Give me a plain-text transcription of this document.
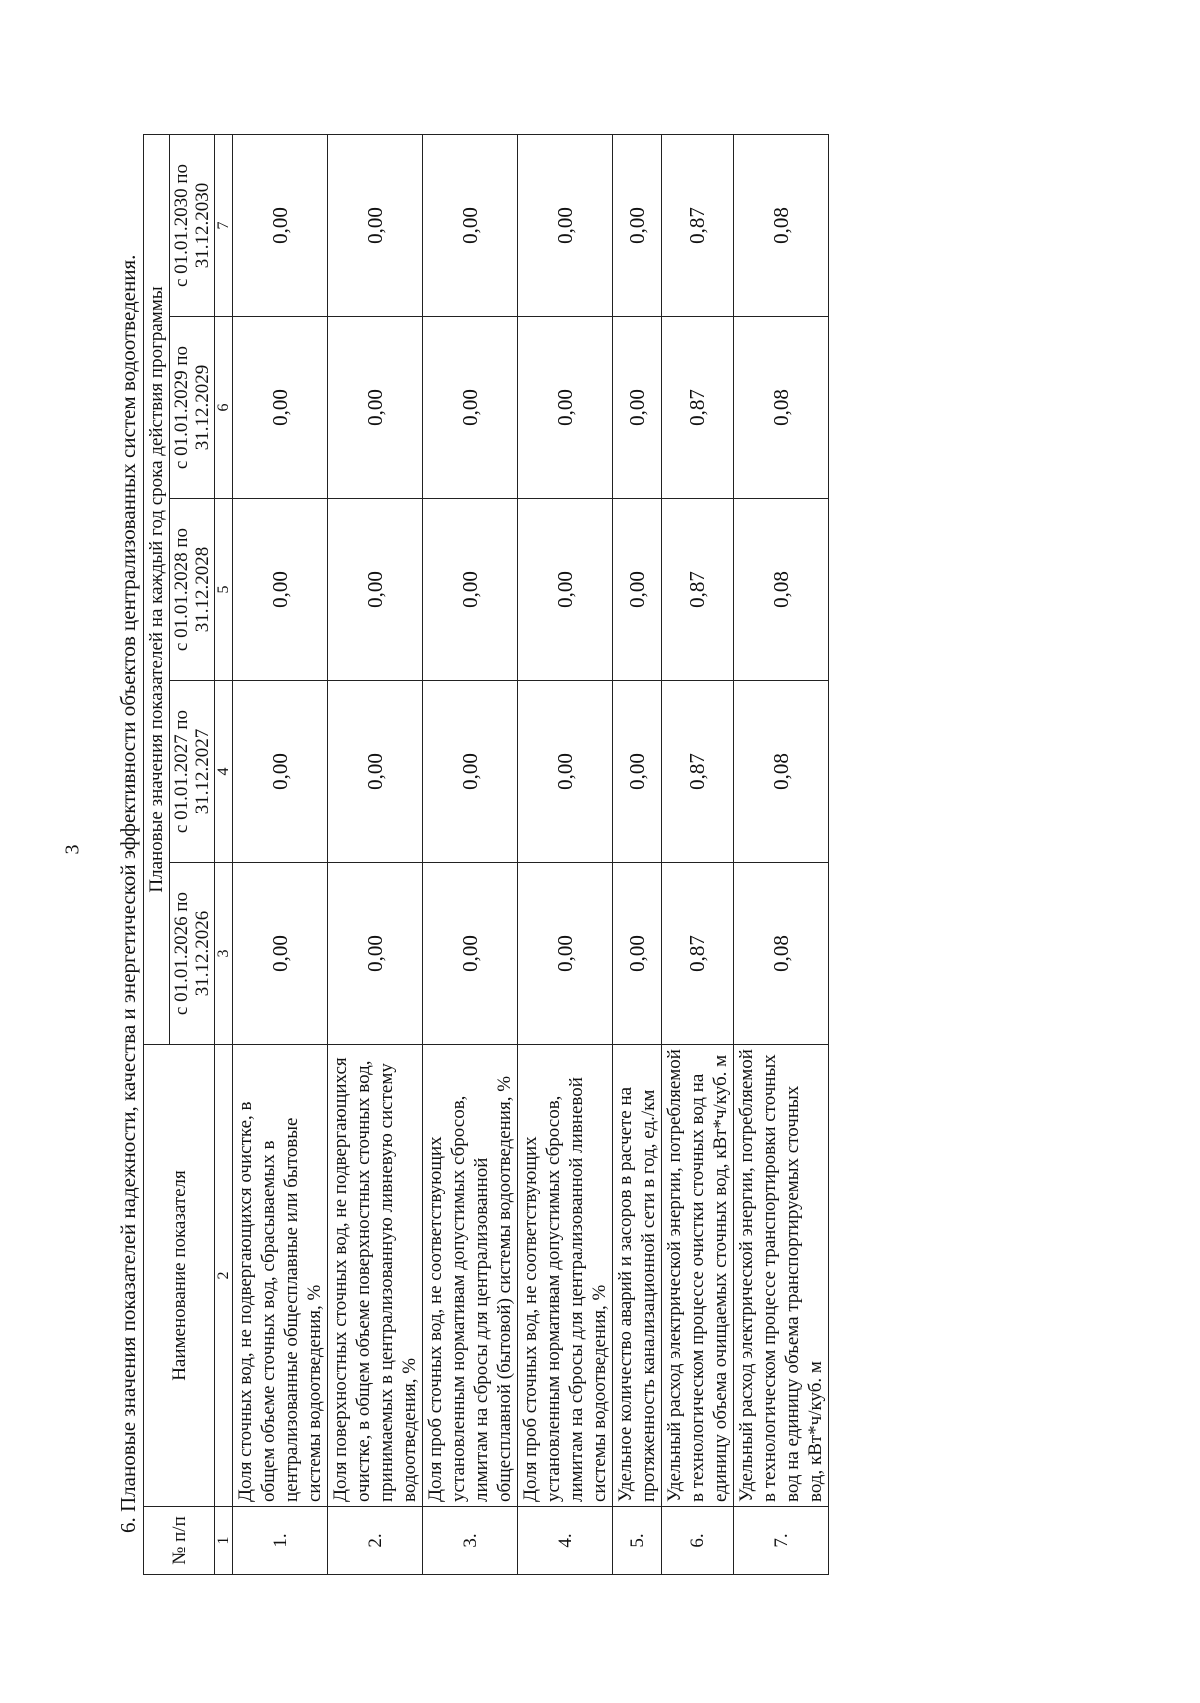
3 6. Плановые значения показателей надежности, качества и энергетической эффективности объектов централизованных систем водоотведения.

№ п/п	Наименование показателя	Плановые значения показателей на каждый год срока действия программы				
		с 01.01.2026 по 31.12.2026	с 01.01.2027 по 31.12.2027	с 01.01.2028 по 31.12.2028	с 01.01.2029 по 31.12.2029	с 01.01.2030 по 31.12.2030
1	2	3	4	5	6	7
1.	Доля сточных вод, не подвергающихся очистке, в общем объеме сточных вод, сбрасываемых в централизованные общесплавные или бытовые системы водоотведения, %	0,00	0,00	0,00	0,00	0,00
2.	Доля поверхностных сточных вод, не подвергающихся очистке, в общем объеме поверхностных сточных вод, принимаемых в централизованную ливневую систему водоотведения, %	0,00	0,00	0,00	0,00	0,00
3.	Доля проб сточных вод, не соответствующих установленным нормативам допустимых сбросов, лимитам на сбросы для централизованной общесплавной (бытовой) системы водоотведения, %	0,00	0,00	0,00	0,00	0,00
4.	Доля проб сточных вод, не соответствующих установленным нормативам допустимых сбросов, лимитам на сбросы для централизованной ливневой системы водоотведения, %	0,00	0,00	0,00	0,00	0,00
5.	Удельное количество аварий и засоров в расчете на протяженность канализационной сети в год, ед./км	0,00	0,00	0,00	0,00	0,00
6.	Удельный расход электрической энергии, потребляемой в технологическом процессе очистки сточных вод на единицу объема очищаемых сточных вод, кВт*ч/куб. м	0,87	0,87	0,87	0,87	0,87
7.	Удельный расход электрической энергии, потребляемой в технологическом процессе транспортировки сточных вод на единицу объема транспортируемых сточных вод, кВт*ч/куб. м	0,08	0,08	0,08	0,08	0,08
